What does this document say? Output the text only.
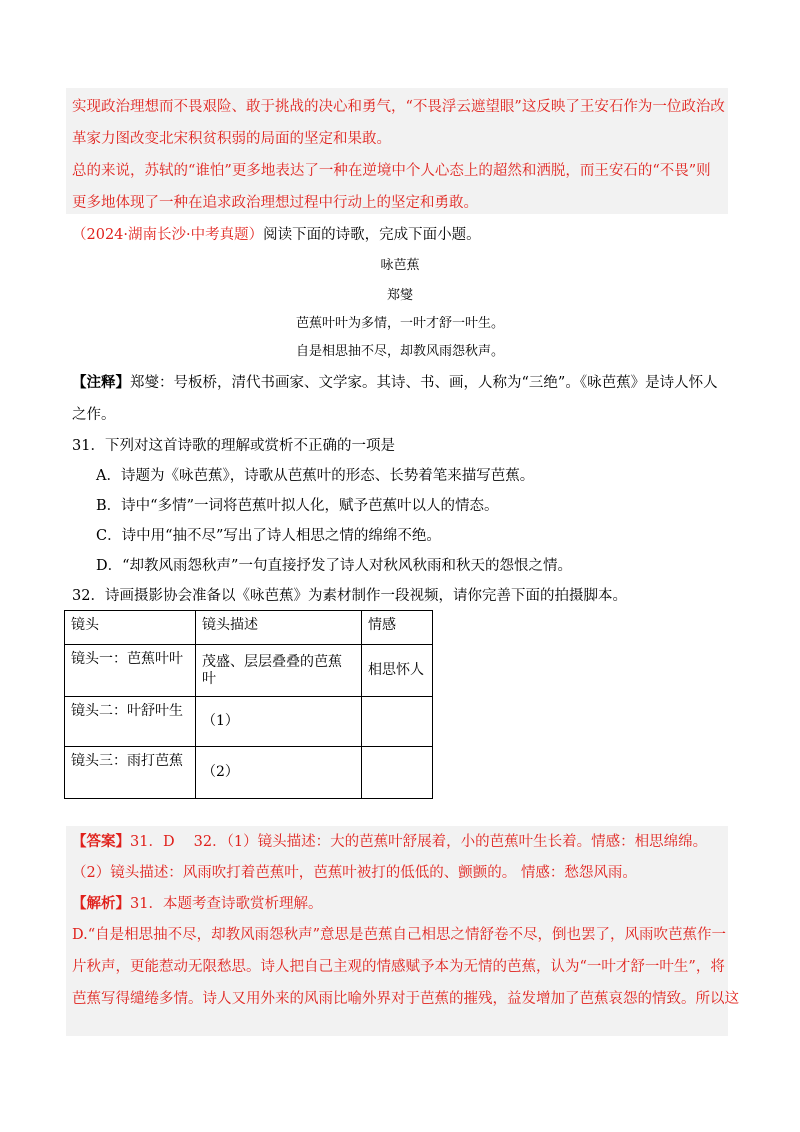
实现政治理想而不畏艰险、敢于挑战的决心和勇气，“不畏浮云遮望眼”这反映了王安石作为一位政治改
革家力图改变北宋积贫积弱的局面的坚定和果敢。
总的来说，苏轼的“谁怕”更多地表达了一种在逆境中个人心态上的超然和洒脱，而王安石的“不畏”则
更多地体现了一种在追求政治理想过程中行动上的坚定和勇敢。
（2024·湖南长沙·中考真题）阅读下面的诗歌，完成下面小题。
咏芭蕉
郑燮
芭蕉叶叶为多情，一叶才舒一叶生。
自是相思抽不尽，却教风雨怨秋声。
【注释】郑燮：号板桥，清代书画家、文学家。其诗、书、画，人称为“三绝”。《咏芭蕉》是诗人怀人
之作。
31．下列对这首诗歌的理解或赏析不正确的一项是
A．诗题为《咏芭蕉》，诗歌从芭蕉叶的形态、长势着笔来描写芭蕉。
B．诗中“多情”一词将芭蕉叶拟人化，赋予芭蕉叶以人的情态。
C．诗中用“抽不尽”写出了诗人相思之情的绵绵不绝。
D．“却教风雨怨秋声”一句直接抒发了诗人对秋风秋雨和秋天的怨恨之情。
32．诗画摄影协会准备以《咏芭蕉》为素材制作一段视频，请你完善下面的拍摄脚本。
镜头	镜头描述	情感
镜头一：芭蕉叶叶	茂盛、层层叠叠的芭蕉叶	相思怀人
镜头二：叶舒叶生	（1）	
镜头三：雨打芭蕉	（2）	
【答案】31．D　 32．（1）镜头描述：大的芭蕉叶舒展着，小的芭蕉叶生长着。情感：相思绵绵。
（2）镜头描述：风雨吹打着芭蕉叶，芭蕉叶被打的低低的、颤颤的。 情感：愁怨风雨。
【解析】31．本题考查诗歌赏析理解。
D.“自是相思抽不尽，却教风雨怨秋声”意思是芭蕉自己相思之情舒卷不尽，倒也罢了，风雨吹芭蕉作一
片秋声，更能惹动无限愁思。诗人把自己主观的情感赋予本为无情的芭蕉，认为“一叶才舒一叶生”，将
芭蕉写得缱绻多情。诗人又用外来的风雨比喻外界对于芭蕉的摧残，益发增加了芭蕉哀怨的情致。所以这
